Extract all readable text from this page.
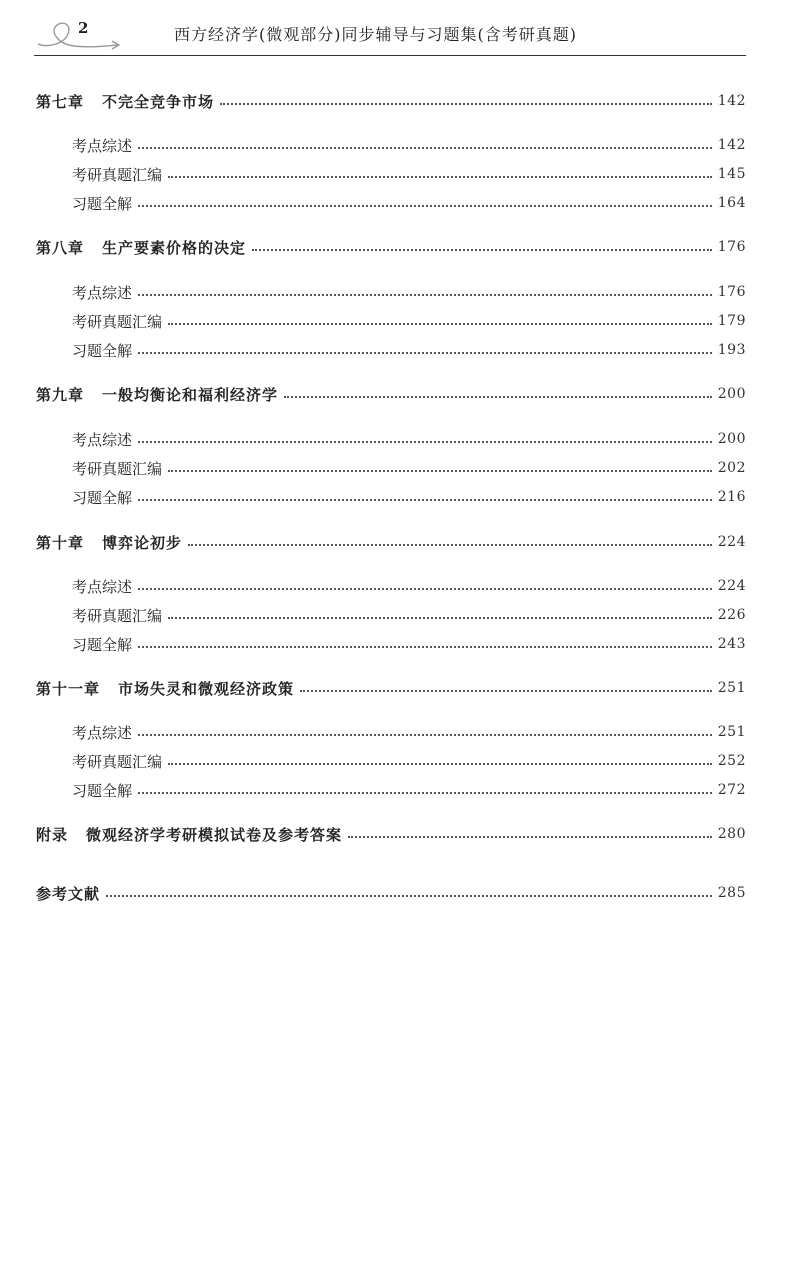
2	西方经济学(微观部分)同步辅导与习题集(含考研真题)
第七章 不完全竞争市场	142
考点综述	142
考研真题汇编	145
习题全解	164
第八章 生产要素价格的决定	176
考点综述	176
考研真题汇编	179
习题全解	193
第九章 一般均衡论和福利经济学	200
考点综述	200
考研真题汇编	202
习题全解	216
第十章 博弈论初步	224
考点综述	224
考研真题汇编	226
习题全解	243
第十一章 市场失灵和微观经济政策	251
考点综述	251
考研真题汇编	252
习题全解	272
附录 微观经济学考研模拟试卷及参考答案	280
参考文献	285
